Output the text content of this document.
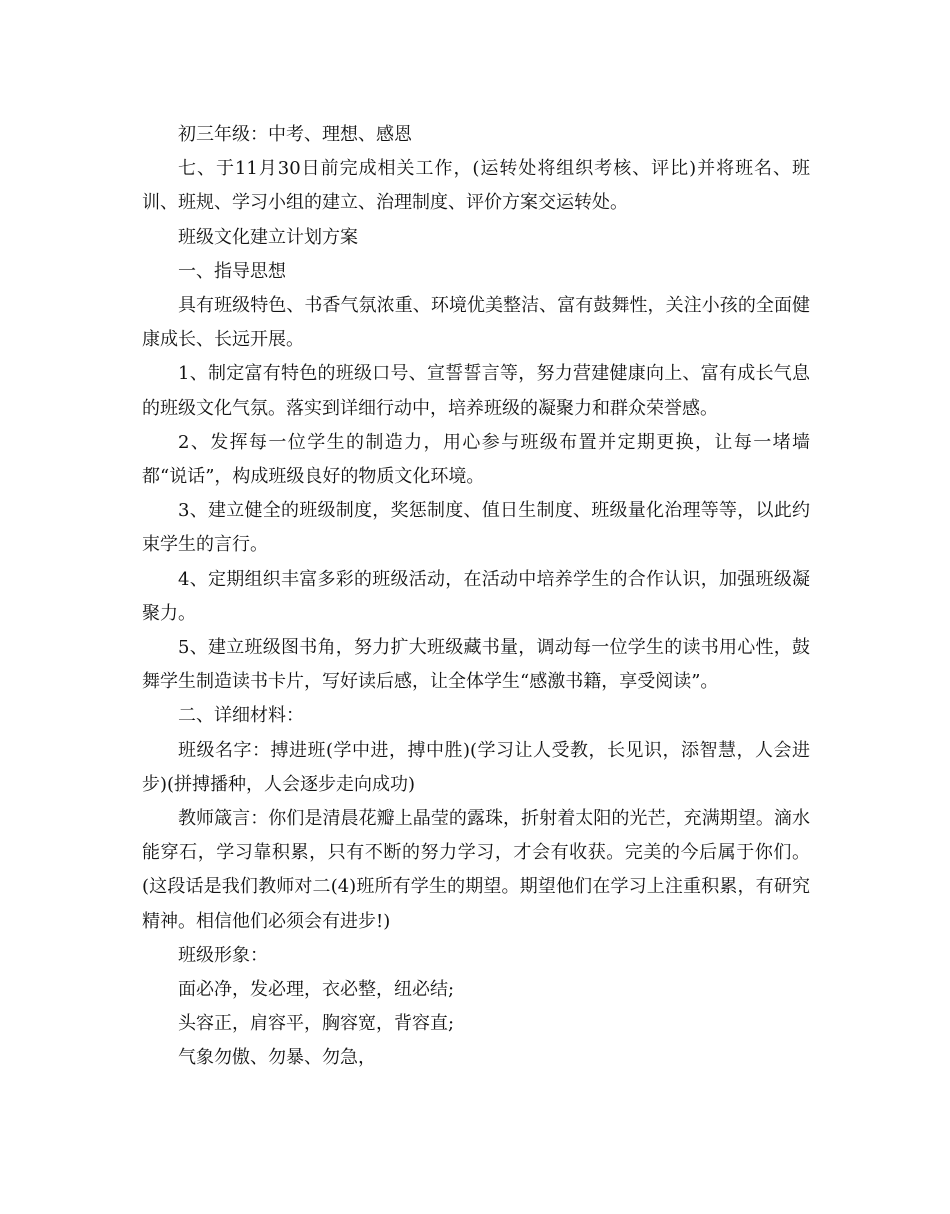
初三年级：中考、理想、感恩

七、于11月30日前完成相关工作，(运转处将组织考核、评比)并将班名、班训、班规、学习小组的建立、治理制度、评价方案交运转处。

班级文化建立计划方案

一、指导思想

具有班级特色、书香气氛浓重、环境优美整洁、富有鼓舞性，关注小孩的全面健康成长、长远开展。

1、制定富有特色的班级口号、宣誓誓言等，努力营建健康向上、富有成长气息的班级文化气氛。落实到详细行动中，培养班级的凝聚力和群众荣誉感。

2、发挥每一位学生的制造力，用心参与班级布置并定期更换，让每一堵墙都“说话”，构成班级良好的物质文化环境。

3、建立健全的班级制度，奖惩制度、值日生制度、班级量化治理等等，以此约束学生的言行。

4、定期组织丰富多彩的班级活动，在活动中培养学生的合作认识，加强班级凝聚力。

5、建立班级图书角，努力扩大班级藏书量，调动每一位学生的读书用心性，鼓舞学生制造读书卡片，写好读后感，让全体学生“感激书籍，享受阅读”。

二、详细材料：

班级名字：搏进班(学中进，搏中胜)(学习让人受教，长见识，添智慧，人会进步)(拼搏播种，人会逐步走向成功)

教师箴言：你们是清晨花瓣上晶莹的露珠，折射着太阳的光芒，充满期望。滴水能穿石，学习靠积累，只有不断的努力学习，才会有收获。完美的今后属于你们。(这段话是我们教师对二(4)班所有学生的期望。期望他们在学习上注重积累，有研究精神。相信他们必须会有进步!)

班级形象：

面必净，发必理，衣必整，纽必结;

头容正，肩容平，胸容宽，背容直;

气象勿傲、勿暴、勿急，
